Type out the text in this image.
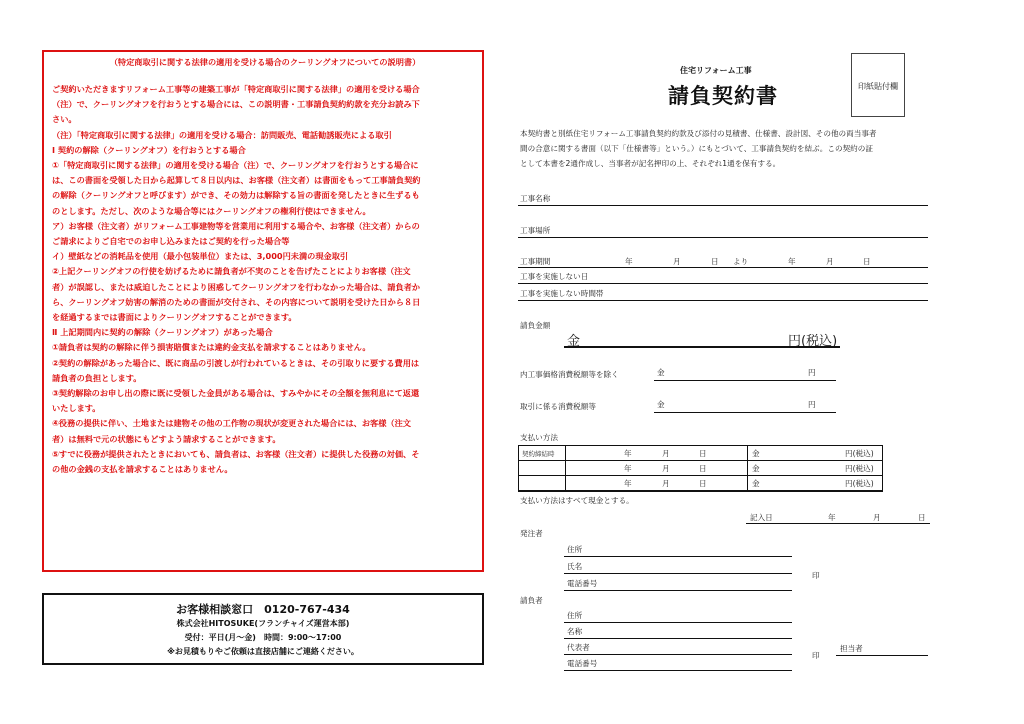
（特定商取引に関する法律の適用を受ける場合のクーリングオフについての説明書）
ご契約いただきますリフォーム工事等の建築工事が「特定商取引に関する法律」の適用を受ける場合
（注）で、クーリングオフを行おうとする場合には、この説明書・工事請負契約約款を充分お読み下
さい。
（注）「特定商取引に関する法律」の適用を受ける場合：訪問販売、電話勧誘販売による取引
Ⅰ 契約の解除（クーリングオフ）を行おうとする場合
①「特定商取引に関する法律」の適用を受ける場合（注）で、クーリングオフを行おうとする場合に
は、この書面を受領した日から起算して８日以内は、お客様（注文者）は書面をもって工事請負契約
の解除（クーリングオフと呼びます）ができ、その効力は解除する旨の書面を発したときに生ずるも
のとします。ただし、次のような場合等にはクーリングオフの権利行使はできません。
ア）お客様（注文者）がリフォーム工事建物等を営業用に利用する場合や、お客様（注文者）からの
ご請求によりご自宅でのお申し込みまたはご契約を行った場合等
イ）壁紙などの消耗品を使用（最小包装単位）または、3,000円未満の現金取引
②上記クーリングオフの行使を妨げるために請負者が不実のことを告げたことによりお客様（注文
者）が誤認し、または威迫したことにより困惑してクーリングオフを行わなかった場合は、請負者か
ら、クーリングオフ妨害の解消のための書面が交付され、その内容について説明を受けた日から８日
を経過するまでは書面によりクーリングオフすることができます。
Ⅱ 上記期間内に契約の解除（クーリングオフ）があった場合
①請負者は契約の解除に伴う損害賠償または違約金支払を請求することはありません。
②契約の解除があった場合に、既に商品の引渡しが行われているときは、その引取りに要する費用は
請負者の負担とします。
③契約解除のお申し出の際に既に受領した金員がある場合は、すみやかにその全額を無利息にて返還
いたします。
④役務の提供に伴い、土地または建物その他の工作物の現状が変更された場合には、お客様（注文
者）は無料で元の状態にもどすよう請求することができます。
⑤すでに役務が提供されたときにおいても、請負者は、お客様（注文者）に提供した役務の対価、そ
の他の金銭の支払を請求することはありません。
お客様相談窓口　0120-767-434
株式会社HITOSUKE(フランチャイズ運営本部)
受付：平日(月～金)　時間：9:00～17:00
※お見積もりやご依頼は直接店舗にご連絡ください。
住宅リフォーム工事
請負契約書	印紙貼付欄
本契約書と別紙住宅リフォーム工事請負契約約款及び添付の見積書、仕様書、設計図、その他の両当事者
間の合意に関する書面（以下「仕様書等」という。）にもとづいて、工事請負契約を結ぶ。この契約の証
として本書を2通作成し、当事者が記名押印の上、それぞれ1通を保有する。
工事名称
工事場所
工事期間	年	月	日 より	年	月	日
工事を実施しない日
工事を実施しない時間帯
請負金額
金	円(税込)
内工事価格消費税額等を除く	金	円
取引に係る消費税額等	金	円
支払い方法
契約締結時	年	月	日	金	円(税込)
年	月	日	金	円(税込)
年	月	日	金	円(税込)
支払い方法はすべて現金とする。
記入日	年	月	日
発注者
住所
氏名
電話番号
印
請負者
住所
名称
代表者
電話番号
印
担当者
